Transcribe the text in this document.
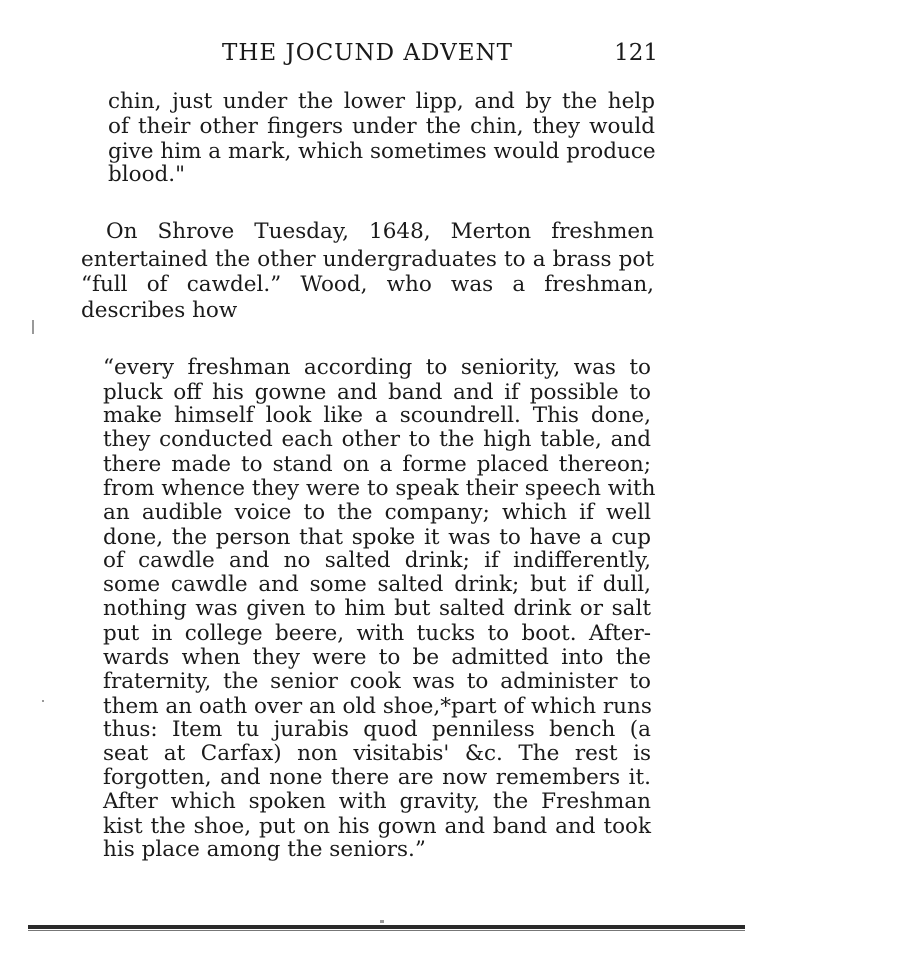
THE JOCUND ADVENT	121
chin, just under the lower lipp, and by the help
of their other fingers under the chin, they would
give him a mark, which sometimes would produce
blood."
On Shrove Tuesday, 1648, Merton freshmen
entertained the other undergraduates to a brass pot
“full of cawdel.” Wood, who was a freshman,
describes how
“every freshman according to seniority, was to
pluck off his gowne and band and if possible to
make himself look like a scoundrell. This done,
they conducted each other to the high table, and
there made to stand on a forme placed thereon;
from whence they were to speak their speech with
an audible voice to the company; which if well
done, the person that spoke it was to have a cup
of cawdle and no salted drink; if indifferently,
some cawdle and some salted drink; but if dull,
nothing was given to him but salted drink or salt
put in college beere, with tucks to boot. After-
wards when they were to be admitted into the
fraternity, the senior cook was to administer to
them an oath over an old shoe,*part of which runs
thus: Item tu jurabis quod penniless bench (a
seat at Carfax) non visitabis' &c. The rest is
forgotten, and none there are now remembers it.
After which spoken with gravity, the Freshman
kist the shoe, put on his gown and band and took
his place among the seniors.”
